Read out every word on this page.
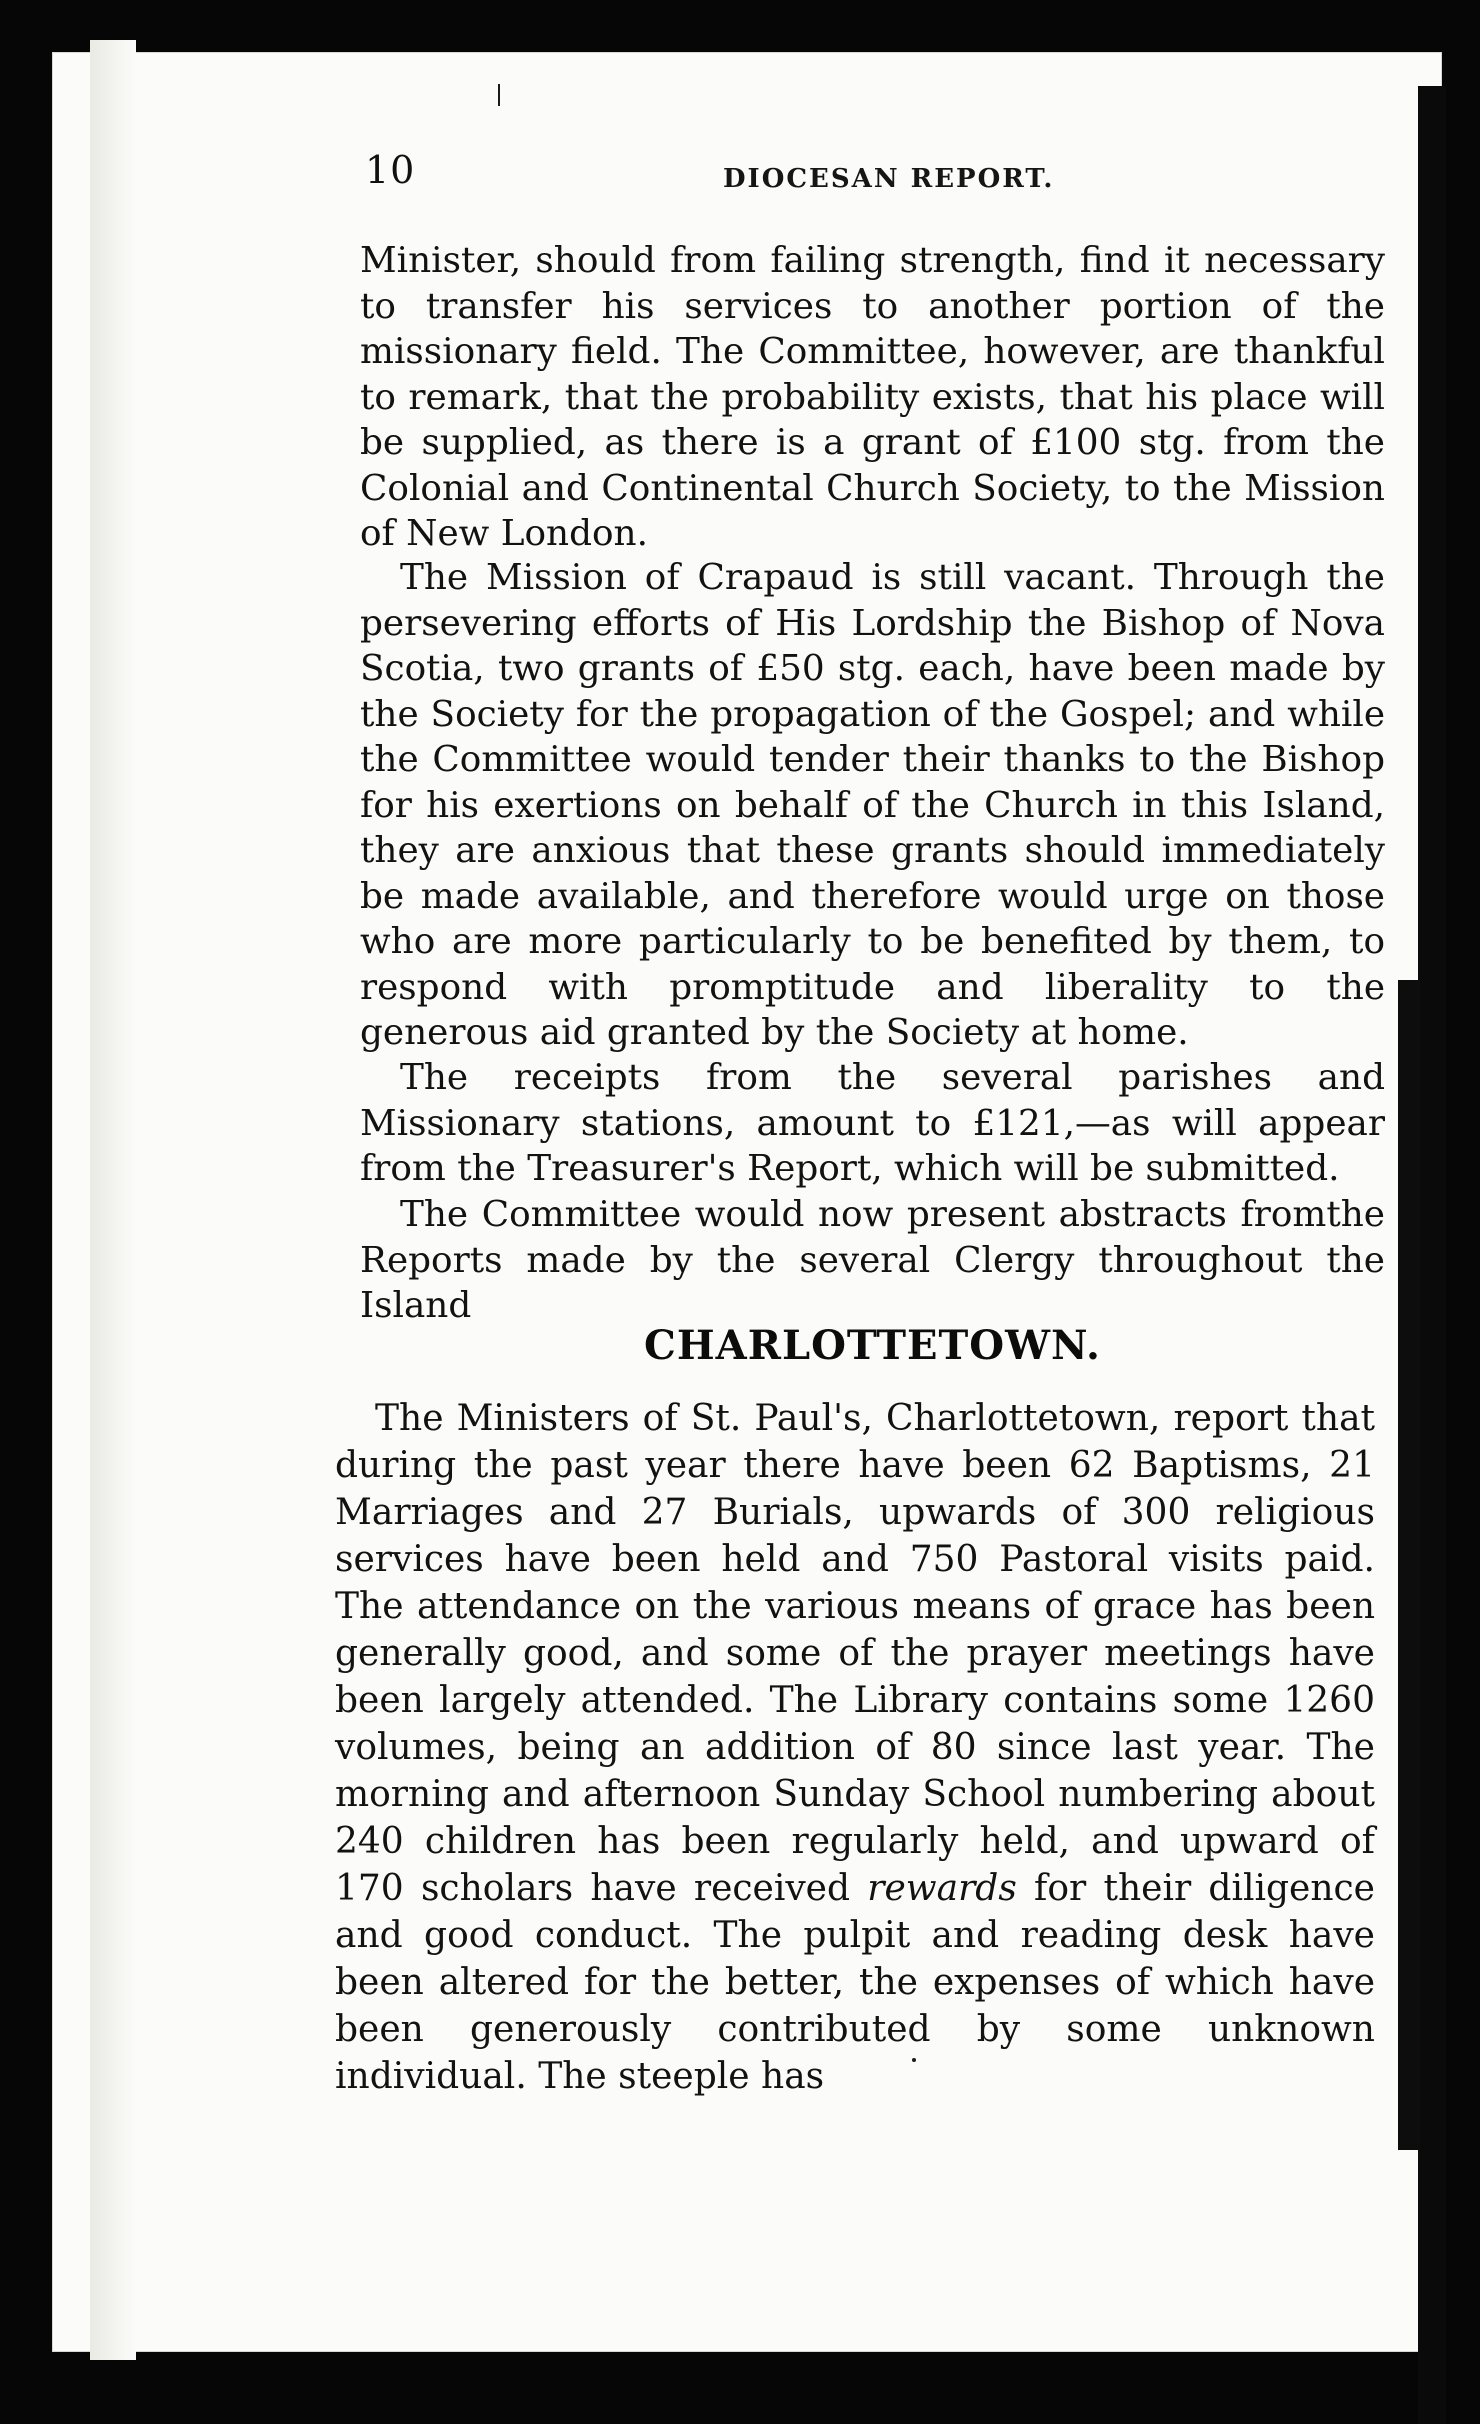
10	DIOCESAN REPORT.

Minister, should from failing strength, find it necessary to transfer his services to another portion of the missionary field. The Committee, however, are thankful to remark, that the probability exists, that his place will be supplied, as there is a grant of £100 stg. from the Colonial and Continental Church Society, to the Mission of New London.

The Mission of Crapaud is still vacant. Through the persevering efforts of His Lordship the Bishop of Nova Scotia, two grants of £50 stg. each, have been made by the Society for the propagation of the Gospel; and while the Committee would tender their thanks to the Bishop for his exertions on behalf of the Church in this Island, they are anxious that these grants should immediately be made available, and therefore would urge on those who are more particularly to be benefited by them, to respond with promptitude and liberality to the generous aid granted by the Society at home.

The receipts from the several parishes and Missionary stations, amount to £121,—as will appear from the Treasurer's Report, which will be submitted.

The Committee would now present abstracts fromthe Reports made by the several Clergy throughout the Island

CHARLOTTETOWN.

The Ministers of St. Paul's, Charlottetown, report that during the past year there have been 62 Baptisms, 21 Marriages and 27 Burials, upwards of 300 religious services have been held and 750 Pastoral visits paid. The attendance on the various means of grace has been generally good, and some of the prayer meetings have been largely attended. The Library contains some 1260 volumes, being an addition of 80 since last year. The morning and afternoon Sunday School numbering about 240 children has been regularly held, and upward of 170 scholars have received rewards for their diligence and good conduct. The pulpit and reading desk have been altered for the better, the expenses of which have been generously contributed by some unknown individual. The steeple has
